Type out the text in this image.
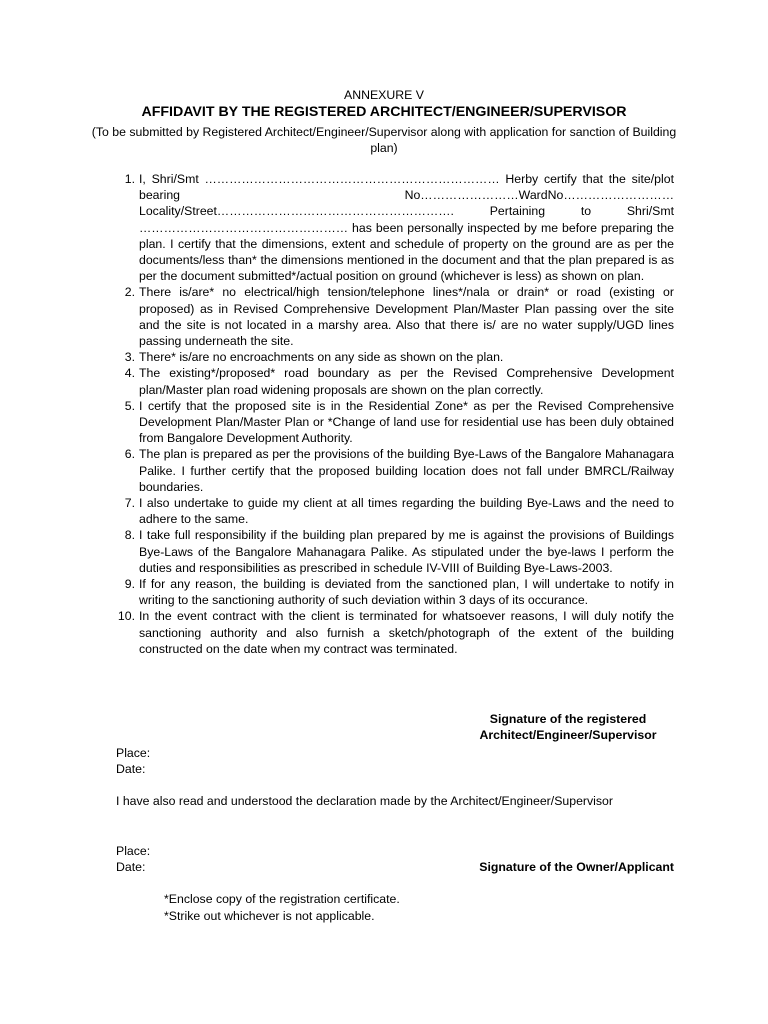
ANNEXURE V
AFFIDAVIT BY THE REGISTERED ARCHITECT/ENGINEER/SUPERVISOR
(To be submitted by Registered Architect/Engineer/Supervisor along with application for sanction of Building plan)
1. I, Shri/Smt ……………………………………………………………… Herby certify that the site/plot bearing No……………………WardNo………………………Locality/Street…………………………………………………. Pertaining to Shri/Smt …………………………………………… has been personally inspected by me before preparing the plan. I certify that the dimensions, extent and schedule of property on the ground are as per the documents/less than* the dimensions mentioned in the document and that the plan prepared is as per the document submitted*/actual position on ground (whichever is less) as shown on plan.
2. There is/are* no electrical/high tension/telephone lines*/nala or drain* or road (existing or proposed) as in Revised Comprehensive Development Plan/Master Plan passing over the site and the site is not located in a marshy area. Also that there is/ are no water supply/UGD lines passing underneath the site.
3. There* is/are no encroachments on any side as shown on the plan.
4. The existing*/proposed* road boundary as per the Revised Comprehensive Development plan/Master plan road widening proposals are shown on the plan correctly.
5. I certify that the proposed site is in the Residential Zone* as per the Revised Comprehensive Development Plan/Master Plan or *Change of land use for residential use has been duly obtained from Bangalore Development Authority.
6. The plan is prepared as per the provisions of the building Bye-Laws of the Bangalore Mahanagara Palike. I further certify that the proposed building location does not fall under BMRCL/Railway boundaries.
7. I also undertake to guide my client at all times regarding the building Bye-Laws and the need to adhere to the same.
8. I take full responsibility if the building plan prepared by me is against the provisions of Buildings Bye-Laws of the Bangalore Mahanagara Palike. As stipulated under the bye-laws I perform the duties and responsibilities as prescribed in schedule IV-VIII of Building Bye-Laws-2003.
9. If for any reason, the building is deviated from the sanctioned plan, I will undertake to notify in writing to the sanctioning authority of such deviation within 3 days of its occurance.
10. In the event contract with the client is terminated for whatsoever reasons, I will duly notify the sanctioning authority and also furnish a sketch/photograph of the extent of the building constructed on the date when my contract was terminated.
Signature of the registered
Architect/Engineer/Supervisor
Place:
Date:
I have also read and understood the declaration made by the Architect/Engineer/Supervisor
Place:
Date:	Signature of the Owner/Applicant
*Enclose copy of the registration certificate.
*Strike out whichever is not applicable.
